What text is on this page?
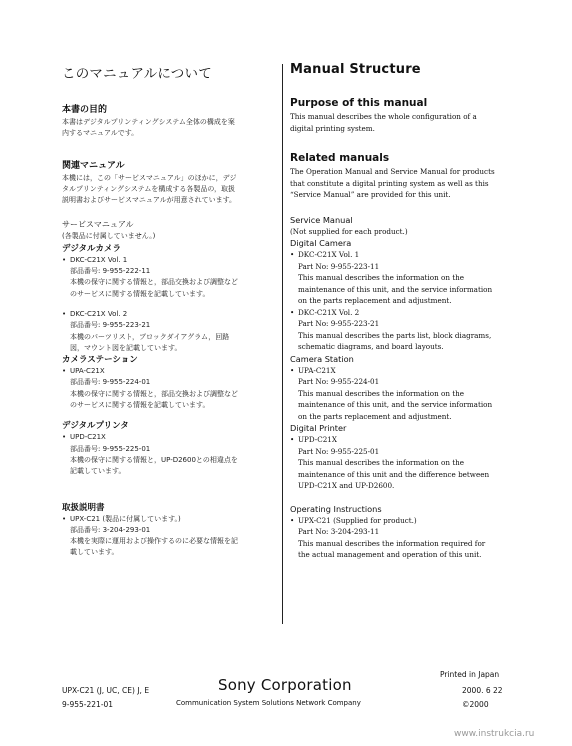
このマニュアルについて
本書の目的

本書はデジタルプリンティングシステム全体の構成を案

内するマニュアルです。

関連マニュアル

本機には，この「サービスマニュアル」のほかに，デジ

タルプリンティングシステムを構成する各製品の，取扱

説明書およびサービスマニュアルが用意されています。

サービスマニュアル

(各製品に付属していません。)

デジタルカメラ

• DKC-C21X Vol. 1

部品番号: 9-955-222-11

本機の保守に関する情報と，部品交換および調整など

のサービスに関する情報を記載しています。

• DKC-C21X Vol. 2

部品番号: 9-955-223-21

本機のパーツリスト，ブロックダイアグラム，回路

図，マウント図を記載しています。

カメラステーション

• UPA-C21X

部品番号: 9-955-224-01

本機の保守に関する情報と，部品交換および調整など

のサービスに関する情報を記載しています。

デジタルプリンタ

• UPD-C21X

部品番号: 9-955-225-01

本機の保守に関する情報と，UP-D2600との相違点を

記載しています。

取扱説明書

• UPX-C21 (製品に付属しています。)

部品番号: 3-204-293-01

本機を実際に運用および操作するのに必要な情報を記

載しています。

Manual Structure
Purpose of this manual

This manual describes the whole configuration of a

digital printing system.

Related manuals

The Operation Manual and Service Manual for products

that constitute a digital printing system as well as this

“Service Manual” are provided for this unit.

Service Manual

(Not supplied for each product.)

Digital Camera

• DKC-C21X Vol. 1

Part No: 9-955-223-11

This manual describes the information on the

maintenance of this unit, and the service information

on the parts replacement and adjustment.

• DKC-C21X Vol. 2

Part No: 9-955-223-21

This manual describes the parts list, block diagrams,

schematic diagrams, and board layouts.

Camera Station

• UPA-C21X

Part No: 9-955-224-01

This manual describes the information on the

maintenance of this unit, and the service information

on the parts replacement and adjustment.

Digital Printer

• UPD-C21X

Part No: 9-955-225-01

This manual describes the information on the

maintenance of this unit and the difference between

UPD-C21X and UP-D2600.

Operating Instructions

• UPX-C21 (Supplied for product.)

Part No: 3-204-293-11

This manual describes the information required for

the actual management and operation of this unit.

UPX-C21 (J, UC, CE) J, E
9-955-221-01
Sony Corporation
Communication System Solutions Network Company
Printed in Japan
2000. 6 22
©2000
www.instrukcia.ru
